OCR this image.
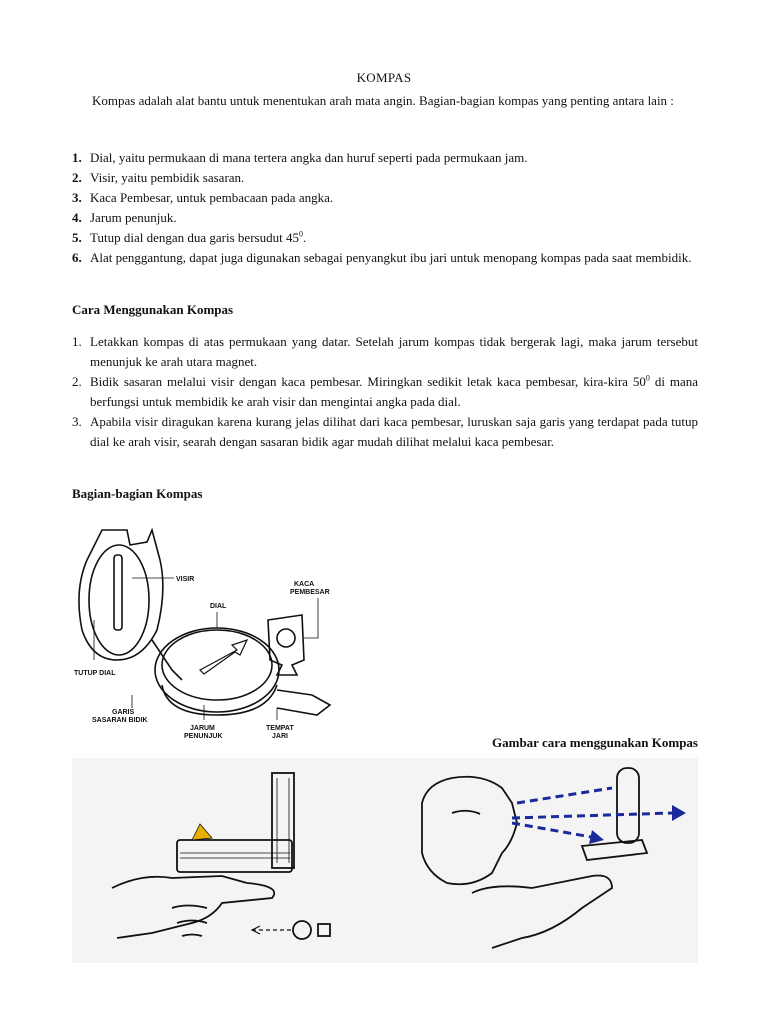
KOMPAS

Kompas adalah alat bantu untuk menentukan arah mata angin. Bagian-bagian kompas yang penting antara lain :

1. Dial, yaitu permukaan di mana tertera angka dan huruf seperti pada permukaan jam.
2. Visir, yaitu pembidik sasaran.
3. Kaca Pembesar, untuk pembacaan pada angka.
4. Jarum penunjuk.
5. Tutup dial dengan dua garis bersudut $45^0$.
6. Alat penggantung, dapat juga digunakan sebagai penyangkut ibu jari untuk menopang kompas pada saat membidik.
Cara Menggunakan Kompas
1. Letakkan kompas di atas permukaan yang datar. Setelah jarum kompas tidak bergerak lagi, maka jarum tersebut menunjuk ke arah utara magnet.
2. Bidik sasaran melalui visir dengan kaca pembesar. Miringkan sedikit letak kaca pembesar, kira-kira $50^0$ di mana berfungsi untuk membidik ke arah visir dan mengintai angka pada dial.
3. Apabila visir diragukan karena kurang jelas dilihat dari kaca pembesar, luruskan saja garis yang terdapat pada tutup dial ke arah visir, searah dengan sasaran bidik agar mudah dilihat melalui kaca pembesar.
Bagian-bagian Kompas
VISIR
KACA
PEMBESAR
DIAL
TUTUP DIAL
GARIS
SASARAN BIDIK
JARUM
PENUNJUK
TEMPAT
JARI	Gambar cara menggunakan Kompas
